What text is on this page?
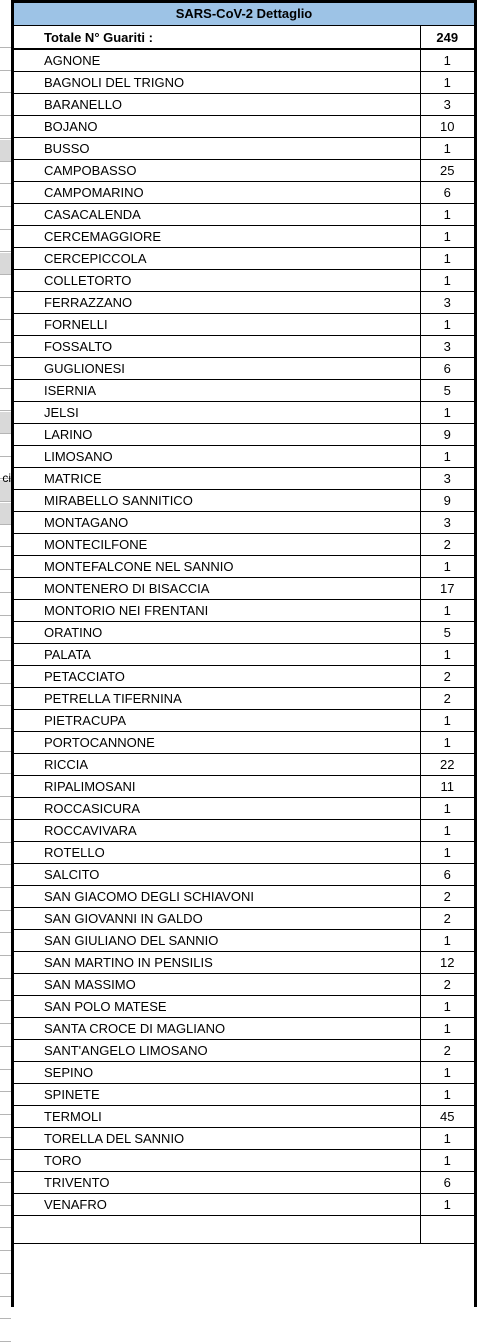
ci
SARS-CoV-2 Dettaglio
	Totale N° Guariti :	249
	AGNONE	1
	BAGNOLI DEL TRIGNO	1
	BARANELLO	3
	BOJANO	10
	BUSSO	1
	CAMPOBASSO	25
	CAMPOMARINO	6
	CASACALENDA	1
	CERCEMAGGIORE	1
	CERCEPICCOLA	1
	COLLETORTO	1
	FERRAZZANO	3
	FORNELLI	1
	FOSSALTO	3
	GUGLIONESI	6
	ISERNIA	5
	JELSI	1
	LARINO	9
	LIMOSANO	1
	MATRICE	3
	MIRABELLO SANNITICO	9
	MONTAGANO	3
	MONTECILFONE	2
	MONTEFALCONE NEL SANNIO	1
	MONTENERO DI BISACCIA	17
	MONTORIO NEI FRENTANI	1
	ORATINO	5
	PALATA	1
	PETACCIATO	2
	PETRELLA TIFERNINA	2
	PIETRACUPA	1
	PORTOCANNONE	1
	RICCIA	22
	RIPALIMOSANI	11
	ROCCASICURA	1
	ROCCAVIVARA	1
	ROTELLO	1
	SALCITO	6
	SAN GIACOMO DEGLI SCHIAVONI	2
	SAN GIOVANNI IN GALDO	2
	SAN GIULIANO DEL SANNIO	1
	SAN MARTINO IN PENSILIS	12
	SAN MASSIMO	2
	SAN POLO MATESE	1
	SANTA CROCE DI MAGLIANO	1
	SANT'ANGELO LIMOSANO	2
	SEPINO	1
	SPINETE	1
	TERMOLI	45
	TORELLA DEL SANNIO	1
	TORO	1
	TRIVENTO	6
	VENAFRO	1
